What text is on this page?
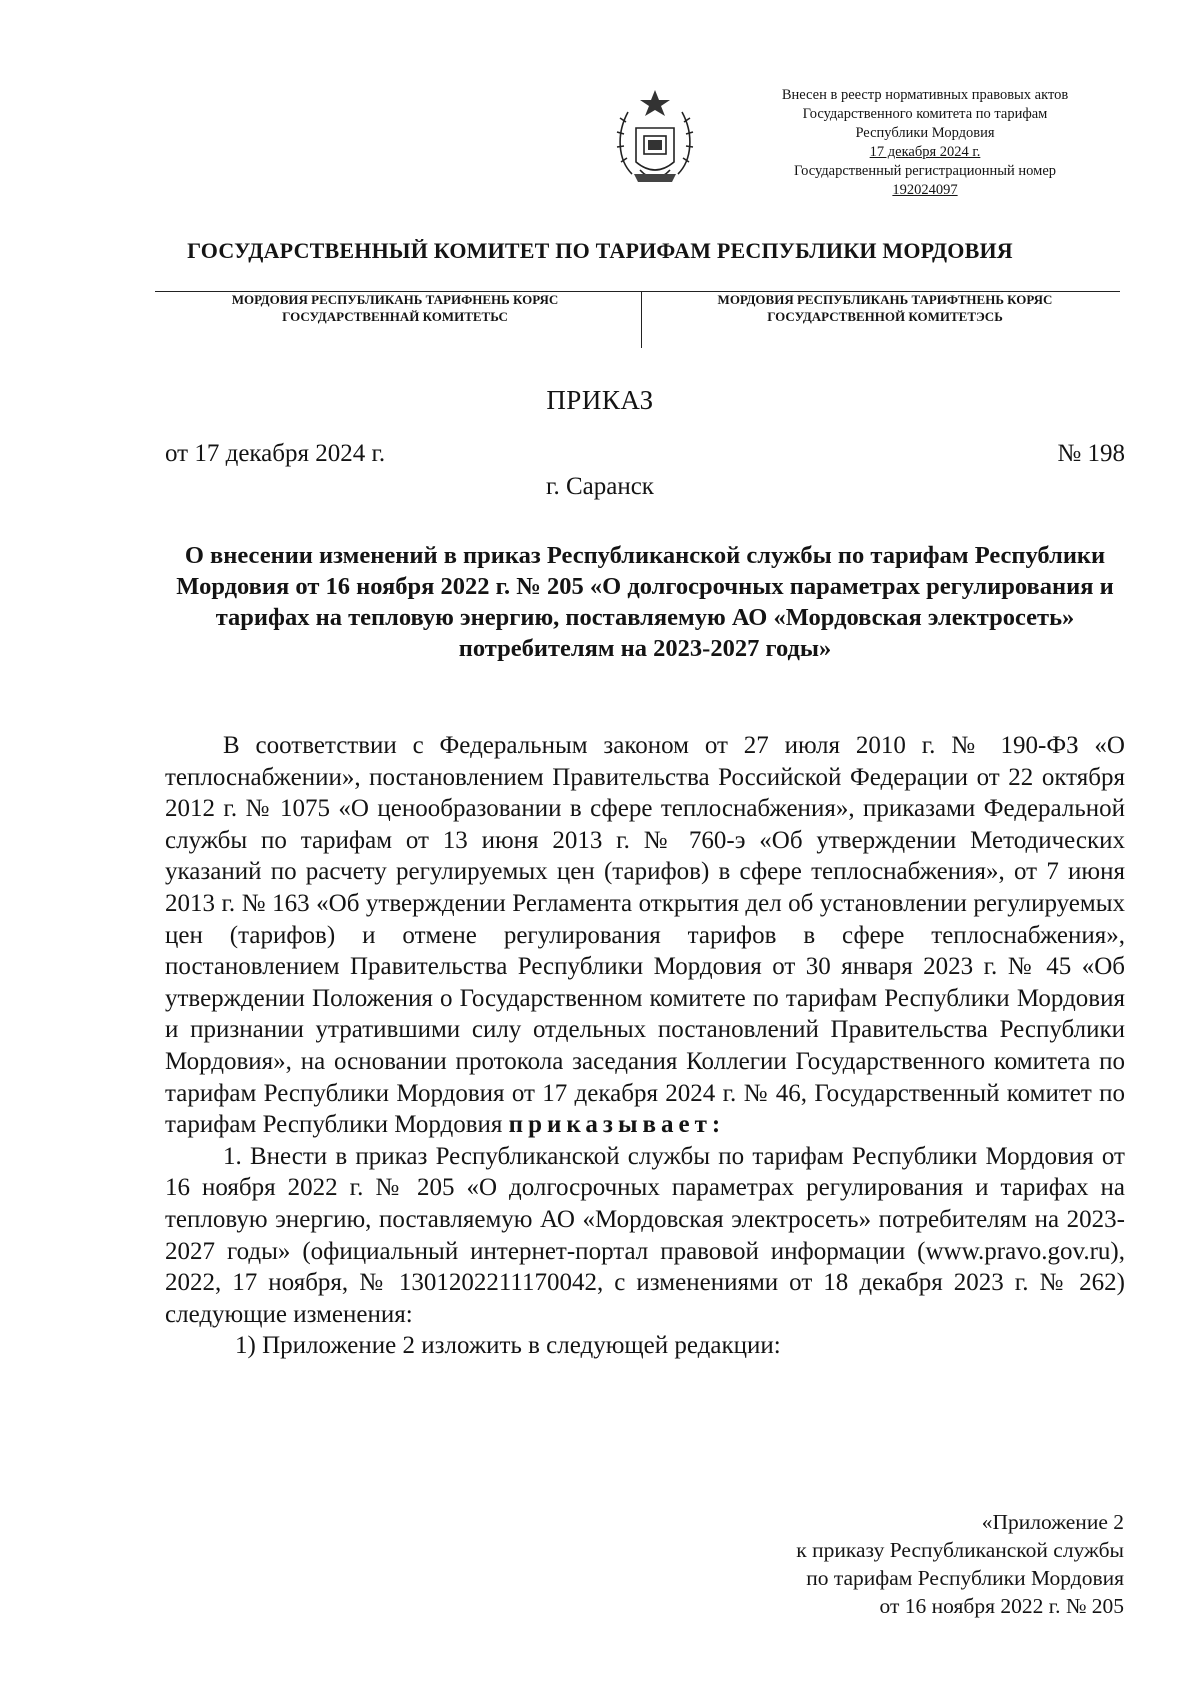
Внесен в реестр нормативных правовых актов
Государственного комитета по тарифам
Республики Мордовия
17 декабря 2024 г.
Государственный регистрационный номер
192024097
ГОСУДАРСТВЕННЫЙ КОМИТЕТ ПО ТАРИФАМ РЕСПУБЛИКИ МОРДОВИЯ
МОРДОВИЯ РЕСПУБЛИКАНЬ ТАРИФНЕНЬ КОРЯС
ГОСУДАРСТВЕННАЙ КОМИТЕТЬС
МОРДОВИЯ РЕСПУБЛИКАНЬ ТАРИФТНЕНЬ КОРЯС
ГОСУДАРСТВЕННОЙ КОМИТЕТЭСЬ
ПРИКАЗ
от 17 декабря 2024 г.	№ 198
г. Саранск
О внесении изменений в приказ Республиканской службы по тарифам Республики Мордовия от 16 ноября 2022 г. № 205 «О долгосрочных параметрах регулирования и тарифах на тепловую энергию, поставляемую АО «Мордовская электросеть» потребителям на 2023-2027 годы»

В соответствии с Федеральным законом от 27 июля 2010 г. № 190-ФЗ «О теплоснабжении», постановлением Правительства Российской Федерации от 22 октября 2012 г. № 1075 «О ценообразовании в сфере теплоснабжения», приказами Федеральной службы по тарифам от 13 июня 2013 г. № 760-э «Об утверждении Методических указаний по расчету регулируемых цен (тарифов) в сфере теплоснабжения», от 7 июня 2013 г. № 163 «Об утверждении Регламента открытия дел об установлении регулируемых цен (тарифов) и отмене регулирования тарифов в сфере теплоснабжения», постановлением Правительства Республики Мордовия от 30 января 2023 г. № 45 «Об утверждении Положения о Государственном комитете по тарифам Республики Мордовия и признании утратившими силу отдельных постановлений Правительства Республики Мордовия», на основании протокола заседания Коллегии Государственного комитета по тарифам Республики Мордовия от 17 декабря 2024 г. № 46, Государственный комитет по тарифам Республики Мордовия приказывает:

1. Внести в приказ Республиканской службы по тарифам Республики Мордовия от 16 ноября 2022 г. № 205 «О долгосрочных параметрах регулирования и тарифах на тепловую энергию, поставляемую АО «Мордовская электросеть» потребителям на 2023-2027 годы» (официальный интернет-портал правовой информации (www.pravo.gov.ru), 2022, 17 ноября, № 1301202211170042, с изменениями от 18 декабря 2023 г. № 262) следующие изменения:

1) Приложение 2 изложить в следующей редакции:

«Приложение 2
к приказу Республиканской службы
по тарифам Республики Мордовия
от 16 ноября 2022 г. № 205
